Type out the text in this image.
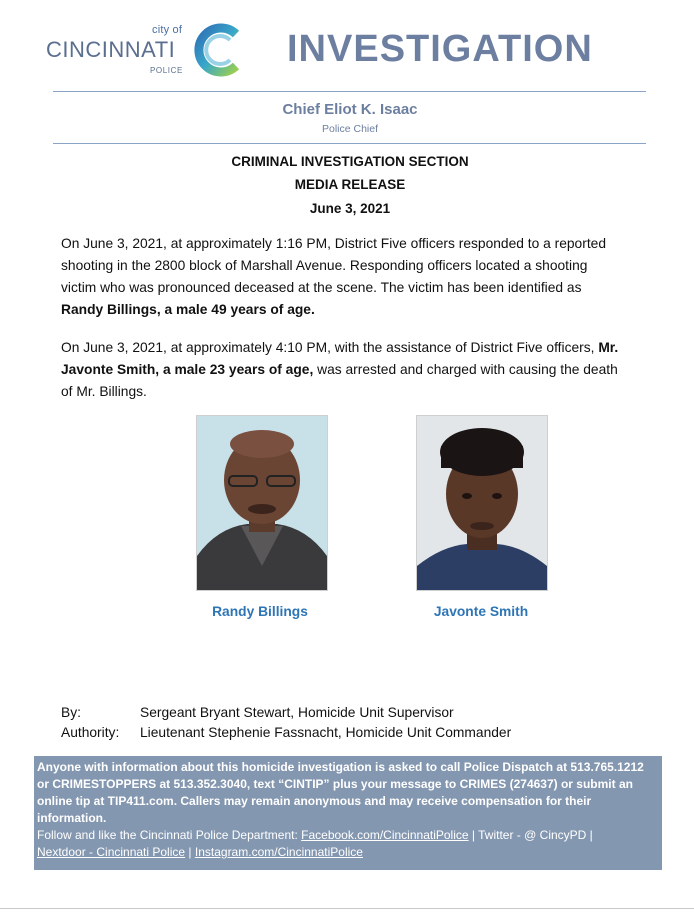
city of
CINCINNATI
POLICE
INVESTIGATION
Chief Eliot K. Isaac
Police Chief
CRIMINAL INVESTIGATION SECTION
MEDIA RELEASE
June 3, 2021
On June 3, 2021, at approximately 1:16 PM, District Five officers responded to a reported
shooting in the 2800 block of Marshall Avenue. Responding officers located a shooting
victim who was pronounced deceased at the scene. The victim has been identified as
Randy Billings, a male 49 years of age.
On June 3, 2021, at approximately 4:10 PM, with the assistance of District Five officers, Mr.
Javonte Smith, a male 23 years of age, was arrested and charged with causing the death
of Mr. Billings.
Randy Billings	Javonte Smith
By:	Sergeant Bryant Stewart, Homicide Unit Supervisor
Authority: Lieutenant Stephenie Fassnacht, Homicide Unit Commander
Anyone with information about this homicide investigation is asked to call Police Dispatch at 513.765.1212
or CRIMESTOPPERS at 513.352.3040, text “CINTIP” plus your message to CRIMES (274637) or submit an
online tip at TIP411.com. Callers may remain anonymous and may receive compensation for their
information.
Follow and like the Cincinnati Police Department: Facebook.com/CincinnatiPolice | Twitter - @ CincyPD |
Nextdoor - Cincinnati Police | Instagram.com/CincinnatiPolice
